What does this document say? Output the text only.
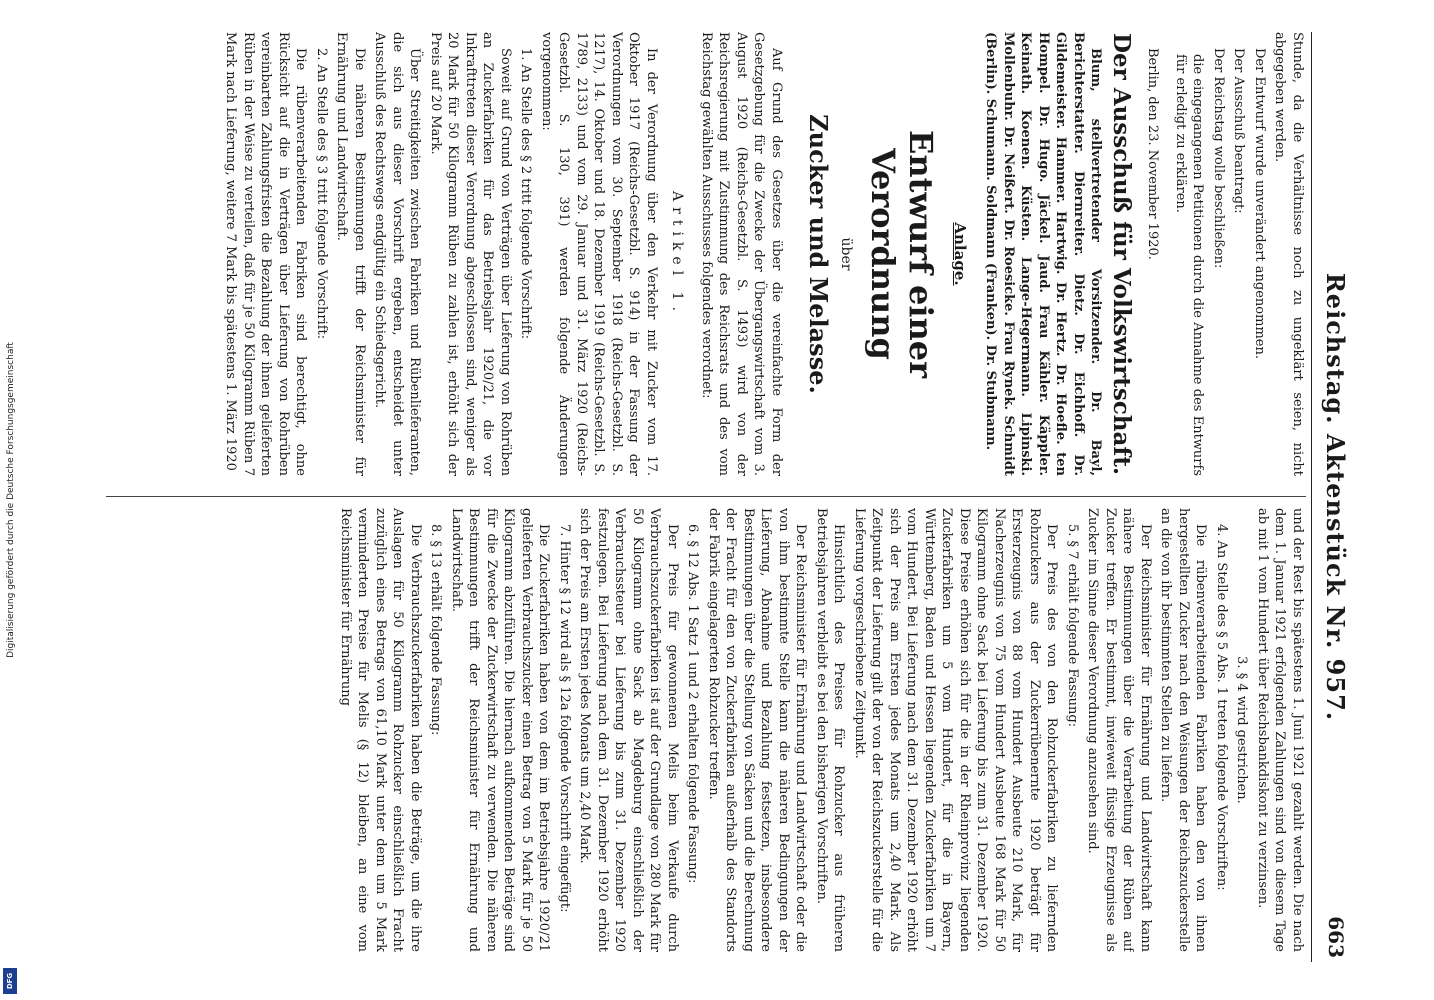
Digitalisierung gefördert durch die Deutsche Forschungsgemeinschaft
DFG
Reichstag. Aktenstück Nr. 957.
663

Stunde, da die Verhältnisse noch zu ungeklärt seien, nicht abgegeben werden.

Der Entwurf wurde unverändert angenommen.

Der Ausschuß beantragt:

Der Reichstag wolle beschließen:

die eingegangenen Petitionen durch die Annahme des Entwurfs für erledigt zu erklären.

Berlin, den 23. November 1920.

Der Ausschuß für Volkswirtschaft.

Blum, stellvertretender Vorsitzender. Dr. Bayl, Berichterstatter. Diernreiter. Dietz. Dr. Eichhoff. Dr. Gildemeister. Hammer. Hartwig. Dr. Hertz. Dr. Hoefle. ten Hompel. Dr. Hugo. Jäckel. Jaud. Frau Kähler. Käppler. Keinath. Koenen. Küsten. Lange-Hegermann. Lipinski. Mollenbuhr. Dr. Neißert. Dr. Roesicke. Frau Rynek. Schmidt (Berlin). Schumann. Soldmann (Franken). Dr. Stubmann.

Anlage.
Entwurf einer Verordnung
über
Zucker und Melasse.

Auf Grund des Gesetzes über die vereinfachte Form der Gesetzgebung für die Zwecke der Übergangswirtschaft vom 3. August 1920 (Reichs-Gesetzbl. S. 1493) wird von der Reichsregierung mit Zustimmung des Reichsrats und des vom Reichstag gewählten Ausschusses folgendes verordnet:

Artikel 1.

In der Verordnung über den Verkehr mit Zucker vom 17. Oktober 1917 (Reichs-Gesetzbl. S. 914) in der Fassung der Verordnungen vom 30. September 1918 (Reichs-Gesetzbl. S. 1217), 14. Oktober und 18. Dezember 1919 (Reichs-Gesetzbl. S. 1789, 2133) und vom 29. Januar und 31. März 1920 (Reichs-Gesetzbl. S. 130, 391) werden folgende Änderungen vorgenommen:

1. An Stelle des § 2 tritt folgende Vorschrift:

Soweit auf Grund von Verträgen über Lieferung von Rohrüben an Zuckerfabriken für das Betriebsjahr 1920/21, die vor Inkrafttreten dieser Verordnung abgeschlossen sind, weniger als 20 Mark für 50 Kilogramm Rüben zu zahlen ist, erhöht sich der Preis auf 20 Mark.

Über Streitigkeiten zwischen Fabriken und Rübenlieferanten, die sich aus dieser Vorschrift ergeben, entscheidet unter Ausschluß des Rechtswegs endgültig ein Schiedsgericht.

Die näheren Bestimmungen trifft der Reichsminister für Ernährung und Landwirtschaft.

2. An Stelle des § 3 tritt folgende Vorschrift:

Die rübenverarbeitenden Fabriken sind berechtigt, ohne Rücksicht auf die in Verträgen über Lieferung von Rohrüben vereinbarten Zahlungsfristen die Bezahlung der ihnen gelieferten Rüben in der Weise zu verteilen, daß für je 50 Kilogramm Rüben 7 Mark nach Lieferung, weitere 7 Mark bis spätestens 1. März 1920

und der Rest bis spätestens 1. Juni 1921 gezahlt werden. Die nach dem 1. Januar 1921 erfolgenden Zahlungen sind von diesem Tage ab mit 1 vom Hundert über Reichsbankdiskont zu verzinsen.

3. § 4 wird gestrichen.

4. An Stelle des § 5 Abs. 1 treten folgende Vorschriften:

Die rübenverarbeitenden Fabriken haben den von ihnen hergestellten Zucker nach den Weisungen der Reichszuckerstelle an die von ihr bestimmten Stellen zu liefern.

Der Reichsminister für Ernährung und Landwirtschaft kann nähere Bestimmungen über die Verarbeitung der Rüben auf Zucker treffen. Er bestimmt, inwieweit flüssige Erzeugnisse als Zucker im Sinne dieser Verordnung anzusehen sind.

5. § 7 erhält folgende Fassung:

Der Preis des von den Rohzuckerfabriken zu liefernden Rohzuckers aus der Zuckerrübenernte 1920 beträgt für Ersterzeugnis von 88 vom Hundert Ausbeute 210 Mark, für Nacherzeugnis von 75 vom Hundert Ausbeute 168 Mark für 50 Kilogramm ohne Sack bei Lieferung bis zum 31. Dezember 1920. Diese Preise erhöhen sich für die in der Rheinprovinz liegenden Zuckerfabriken um 5 vom Hundert, für die in Bayern, Württemberg, Baden und Hessen liegenden Zuckerfabriken um 7 vom Hundert. Bei Lieferung nach dem 31. Dezember 1920 erhöht sich der Preis am Ersten jedes Monats um 2,40 Mark. Als Zeitpunkt der Lieferung gilt der von der Reichszuckerstelle für die Lieferung vorgeschriebene Zeitpunkt.

Hinsichtlich des Preises für Rohzucker aus früheren Betriebsjahren verbleibt es bei den bisherigen Vorschriften.

Der Reichsminister für Ernährung und Landwirtschaft oder die von ihm bestimmte Stelle kann die näheren Bedingungen der Lieferung, Abnahme und Bezahlung festsetzen, insbesondere Bestimmungen über die Stellung von Säcken und die Berechnung der Fracht für den von Zuckerfabriken außerhalb des Standorts der Fabrik eingelagerten Rohzucker treffen.

6. § 12 Abs. 1 Satz 1 und 2 erhalten folgende Fassung:

Der Preis für gewonnenen Melis beim Verkaufe durch Verbrauchszuckerfabriken ist auf der Grundlage von 280 Mark für 50 Kilogramm ohne Sack ab Magdeburg einschließlich der Verbrauchssteuer bei Lieferung bis zum 31. Dezember 1920 festzulegen. Bei Lieferung nach dem 31. Dezember 1920 erhöht sich der Preis am Ersten jedes Monats um 2,40 Mark.

7. Hinter § 12 wird als § 12a folgende Vorschrift eingefügt:

Die Zuckerfabriken haben von dem im Betriebsjahre 1920/21 gelieferten Verbrauchszucker einen Betrag von 5 Mark für je 50 Kilogramm abzuführen. Die hiernach aufkommenden Beträge sind für die Zwecke der Zuckerwirtschaft zu verwenden. Die näheren Bestimmungen trifft der Reichsminister für Ernährung und Landwirtschaft.

8. § 13 erhält folgende Fassung:

Die Verbrauchszuckerfabriken haben die Beträge, um die ihre Auslagen für 50 Kilogramm Rohzucker einschließlich Fracht zuzüglich eines Betrags von 61,10 Mark unter dem um 5 Mark verminderten Preise für Melis (§ 12) bleiben, an eine vom Reichsminister für Ernährung
